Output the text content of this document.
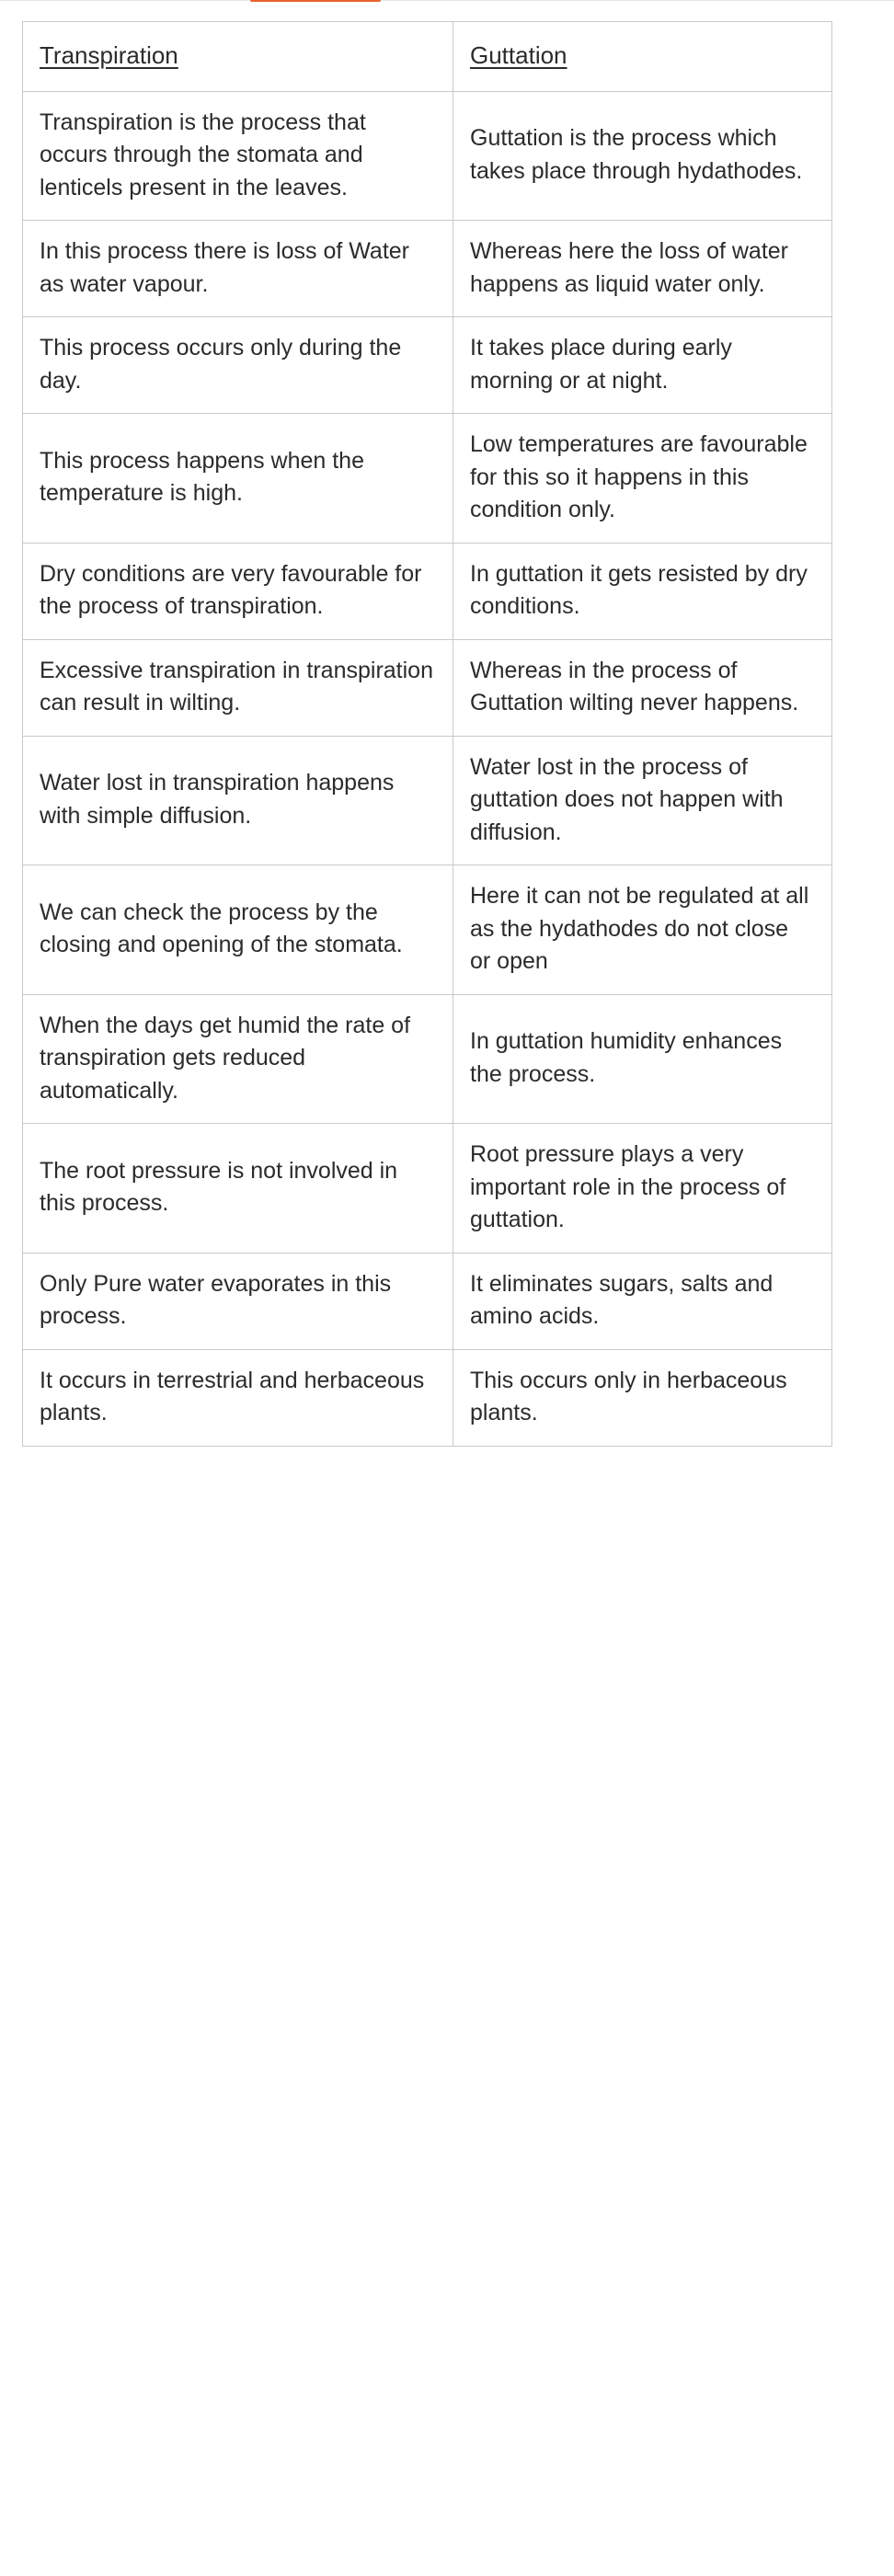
Transpiration	Guttation
Transpiration is the process that occurs through the stomata and lenticels present in the leaves.	Guttation is the process which takes place through hydathodes.
In this process there is loss of Water as water vapour.	Whereas here the loss of water happens as liquid water only.
This process occurs only during the day.	It takes place during early morning or at night.
This process happens when the temperature is high.	Low temperatures are favourable for this so it happens in this condition only.
Dry conditions are very favourable for the process of transpiration.	In guttation it gets resisted by dry conditions.
Excessive transpiration in transpiration can result in wilting.	Whereas in the process of Guttation wilting never happens.
Water lost in transpiration happens with simple diffusion.	Water lost in the process of guttation does not happen with diffusion.
We can check the process by the closing and opening of the stomata.	Here it can not be regulated at all as the hydathodes do not close or open
When the days get humid the rate of transpiration gets reduced automatically.	In guttation humidity enhances the process.
The root pressure is not involved in this process.	Root pressure plays a very important role in the process of guttation.
Only Pure water evaporates in this process.	It eliminates sugars, salts and amino acids.
It occurs in terrestrial and herbaceous plants.	This occurs only in herbaceous plants.
